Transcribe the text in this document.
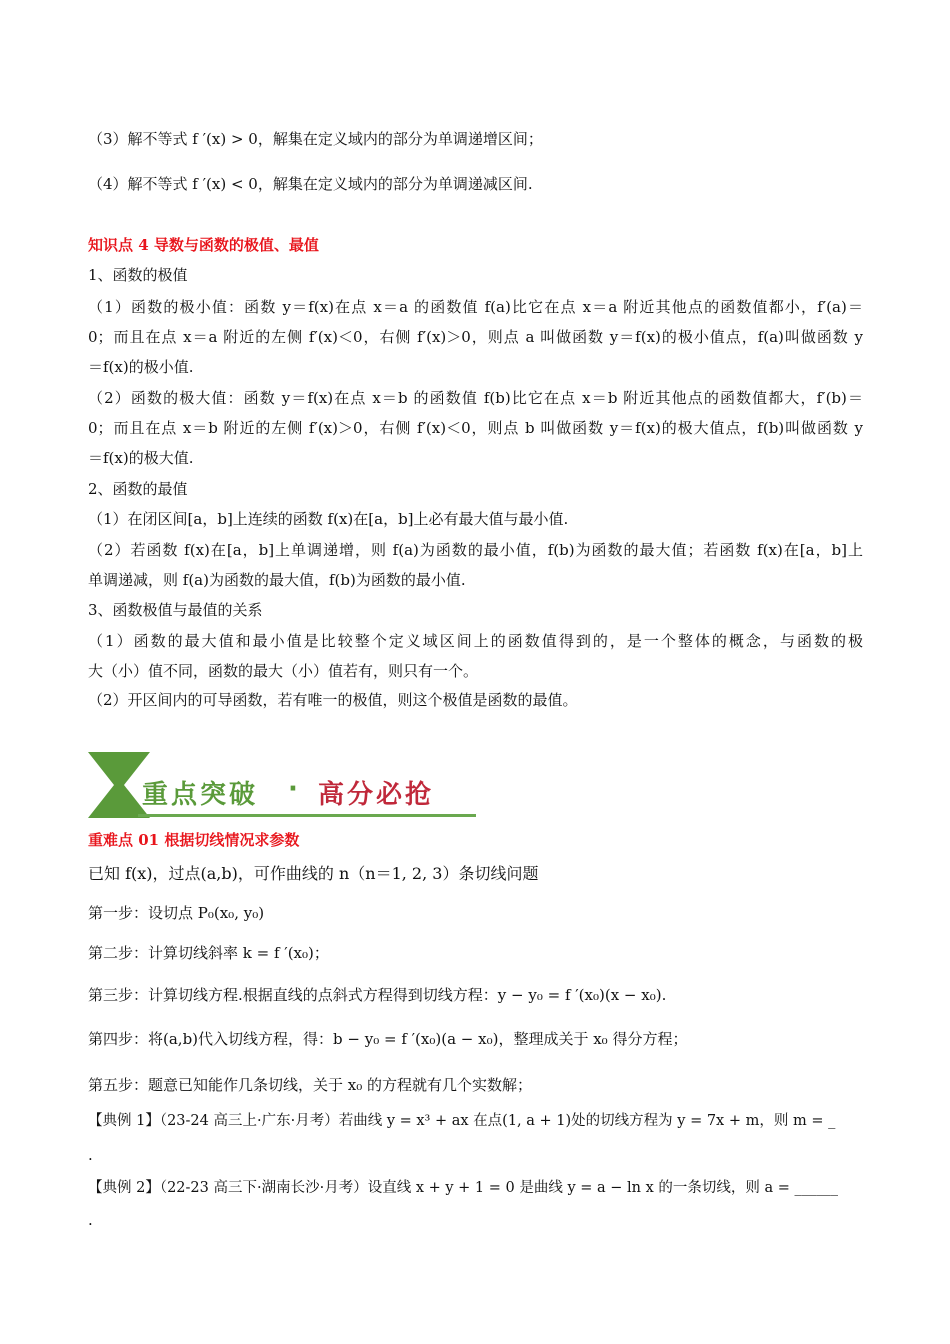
（3）解不等式 f ′(x) > 0，解集在定义域内的部分为单调递增区间；
（4）解不等式 f ′(x) < 0，解集在定义域内的部分为单调递减区间.
知识点 4 导数与函数的极值、最值
1、函数的极值
（1）函数的极小值：函数 y＝f(x)在点 x＝a 的函数值 f(a)比它在点 x＝a 附近其他点的函数值都小，f′(a)＝
0；而且在点 x＝a 附近的左侧 f′(x)＜0，右侧 f′(x)＞0，则点 a 叫做函数 y＝f(x)的极小值点，f(a)叫做函数 y
＝f(x)的极小值.
（2）函数的极大值：函数 y＝f(x)在点 x＝b 的函数值 f(b)比它在点 x＝b 附近其他点的函数值都大，f′(b)＝
0；而且在点 x＝b 附近的左侧 f′(x)＞0，右侧 f′(x)＜0，则点 b 叫做函数 y＝f(x)的极大值点，f(b)叫做函数 y
＝f(x)的极大值.
2、函数的最值
（1）在闭区间[a，b]上连续的函数 f(x)在[a，b]上必有最大值与最小值.
（2）若函数 f(x)在[a，b]上单调递增，则 f(a)为函数的最小值，f(b)为函数的最大值；若函数 f(x)在[a，b]上
单调递减，则 f(a)为函数的最大值，f(b)为函数的最小值.
3、函数极值与最值的关系
（1）函数的最大值和最小值是比较整个定义域区间上的函数值得到的，是一个整体的概念，与函数的极
大（小）值不同，函数的最大（小）值若有，则只有一个。
（2）开区间内的可导函数，若有唯一的极值，则这个极值是函数的最值。
重点突破 · 高分必抢
重难点 01 根据切线情况求参数
已知 f(x)，过点(a,b)，可作曲线的 n（n＝1, 2, 3）条切线问题
第一步：设切点 P₀(x₀, y₀)
第二步：计算切线斜率 k = f ′(x₀)；
第三步：计算切线方程.根据直线的点斜式方程得到切线方程：y − y₀ = f ′(x₀)(x − x₀).
第四步：将(a,b)代入切线方程，得：b − y₀ = f ′(x₀)(a − x₀)，整理成关于 x₀ 得分方程；
第五步：题意已知能作几条切线，关于 x₀ 的方程就有几个实数解；
【典例 1】（23-24 高三上·广东·月考）若曲线 y = x³ + ax 在点(1, a + 1)处的切线方程为 y = 7x + m，则 m = _
.
【典例 2】（22-23 高三下·湖南长沙·月考）设直线 x + y + 1 = 0 是曲线 y = a − ln x 的一条切线，则 a = ______
.
